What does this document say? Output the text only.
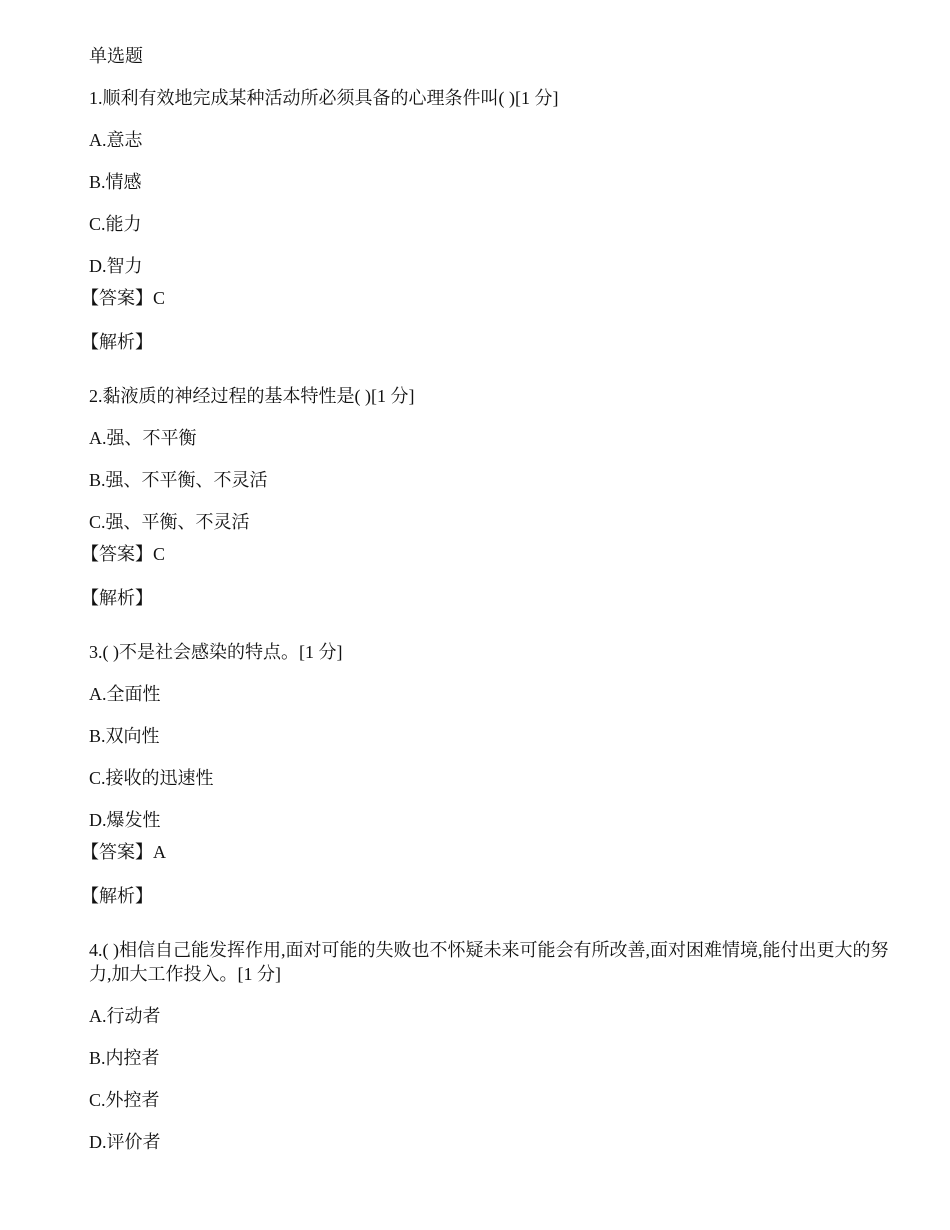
单选题
1.顺利有效地完成某种活动所必须具备的心理条件叫( )[1 分]
A.意志
B.情感
C.能力
D.智力
【答案】C
【解析】
2.黏液质的神经过程的基本特性是( )[1 分]
A.强、不平衡
B.强、不平衡、不灵活
C.强、平衡、不灵活
【答案】C
【解析】
3.( )不是社会感染的特点。[1 分]
A.全面性
B.双向性
C.接收的迅速性
D.爆发性
【答案】A
【解析】
4.( )相信自己能发挥作用,面对可能的失败也不怀疑未来可能会有所改善,面对困难情境,能付出更大的努力,加大工作投入。[1 分]
A.行动者
B.内控者
C.外控者
D.评价者
